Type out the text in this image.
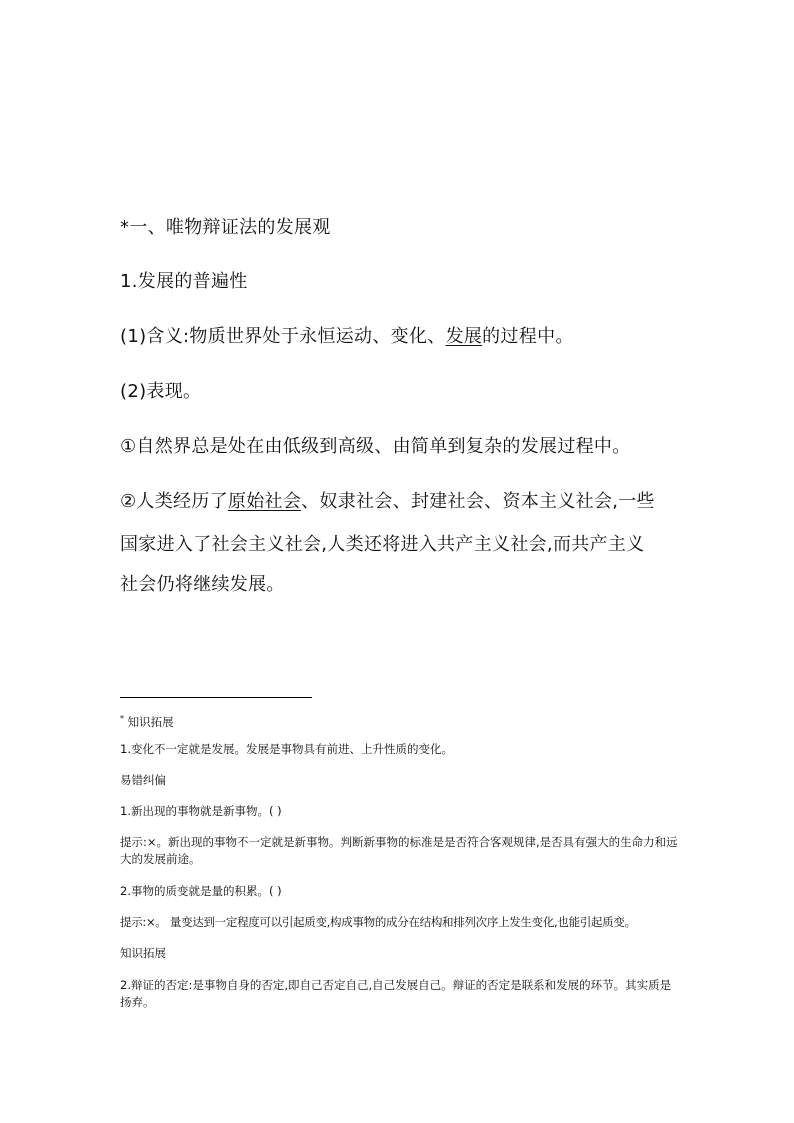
*一、唯物辩证法的发展观
1.发展的普遍性
(1)含义:物质世界处于永恒运动、变化、发展的过程中。
(2)表现。
①自然界总是处在由低级到高级、由简单到复杂的发展过程中。
②人类经历了原始社会、奴隶社会、封建社会、资本主义社会,一些
国家进入了社会主义社会,人类还将进入共产主义社会,而共产主义
社会仍将继续发展。
* 知识拓展
1.变化不一定就是发展。发展是事物具有前进、上升性质的变化。
易错纠偏
1.新出现的事物就是新事物。( )
提示:×。新出现的事物不一定就是新事物。判断新事物的标准是是否符合客观规律,是否具有强大的生命力和远大的发展前途。
2.事物的质变就是量的积累。( )
提示:×。 量变达到一定程度可以引起质变,构成事物的成分在结构和排列次序上发生变化,也能引起质变。
知识拓展
2.辩证的否定:是事物自身的否定,即自己否定自己,自己发展自己。辩证的否定是联系和发展的环节。其实质是扬弃。
